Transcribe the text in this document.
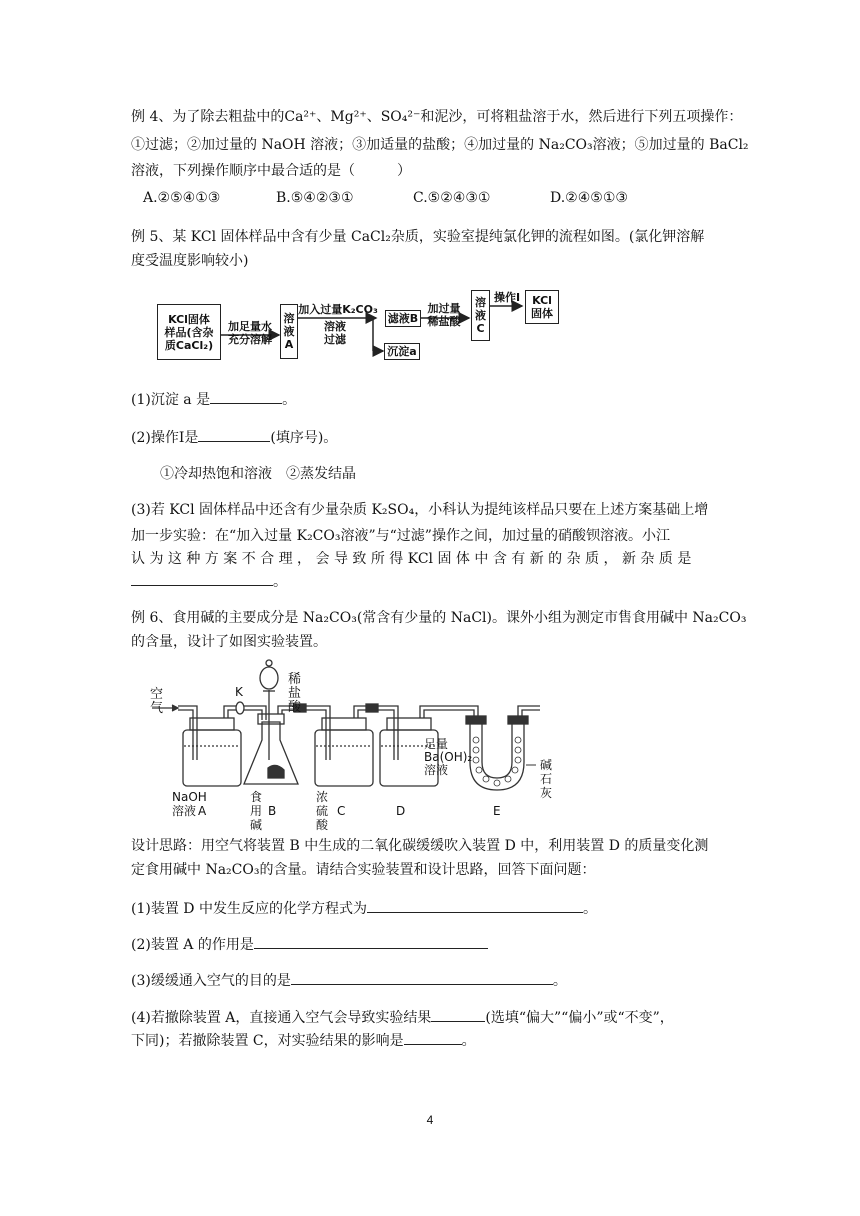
例 4、为了除去粗盐中的Ca²⁺、Mg²⁺、SO₄²⁻和泥沙，可将粗盐溶于水，然后进行下列五项操作：
①过滤；②加过量的 NaOH 溶液；③加适量的盐酸；④加过量的 Na₂CO₃溶液；⑤加过量的 BaCl₂
溶液，下列操作顺序中最合适的是（　　　）
A.②⑤④①③	B.⑤④②③①	C.⑤②④③①	D.②④⑤①③
例 5、某 KCl 固体样品中含有少量 CaCl₂杂质，实验室提纯氯化钾的流程如图。(氯化钾溶解
度受温度影响较小)
KCl固体
样品(含杂
质CaCl₂)
加足量水
充分溶解
溶
液
A
加入过量K₂CO₃
溶液
过滤
滤液B
沉淀a
加过量
稀盐酸
溶
液
C
操作Ⅰ KCl
固体
(1)沉淀 a 是	。
(2)操作Ⅰ是	(填序号)。
①冷却热饱和溶液　②蒸发结晶
(3)若 KCl 固体样品中还含有少量杂质 K₂SO₄，小科认为提纯该样品只要在上述方案基础上增
加一步实验：在“加入过量 K₂CO₃溶液”与“过滤”操作之间，加过量的硝酸钡溶液。小江
认 为 这 种 方 案 不 合 理 ， 会 导 致 所 得 KCl 固 体 中 含 有 新 的 杂 质 ， 新 杂 质 是
。
例 6、食用碱的主要成分是 Na₂CO₃(常含有少量的 NaCl)。课外小组为测定市售食用碱中 Na₂CO₃
的含量，设计了如图实验装置。
空气
K
稀盐酸
NaOH溶液
食用碱
浓硫酸
足量
Ba(OH)₂
溶液	碱石灰
A	B	C	D	E
设计思路：用空气将装置 B 中生成的二氧化碳缓缓吹入装置 D 中，利用装置 D 的质量变化测
定食用碱中 Na₂CO₃的含量。请结合实验装置和设计思路，回答下面问题：
(1)装置 D 中发生反应的化学方程式为	。
(2)装置 A 的作用是
(3)缓缓通入空气的目的是	。
(4)若撤除装置 A，直接通入空气会导致实验结果	(选填“偏大”“偏小”或“不变”，
下同)；若撤除装置 C，对实验结果的影响是	。
4
